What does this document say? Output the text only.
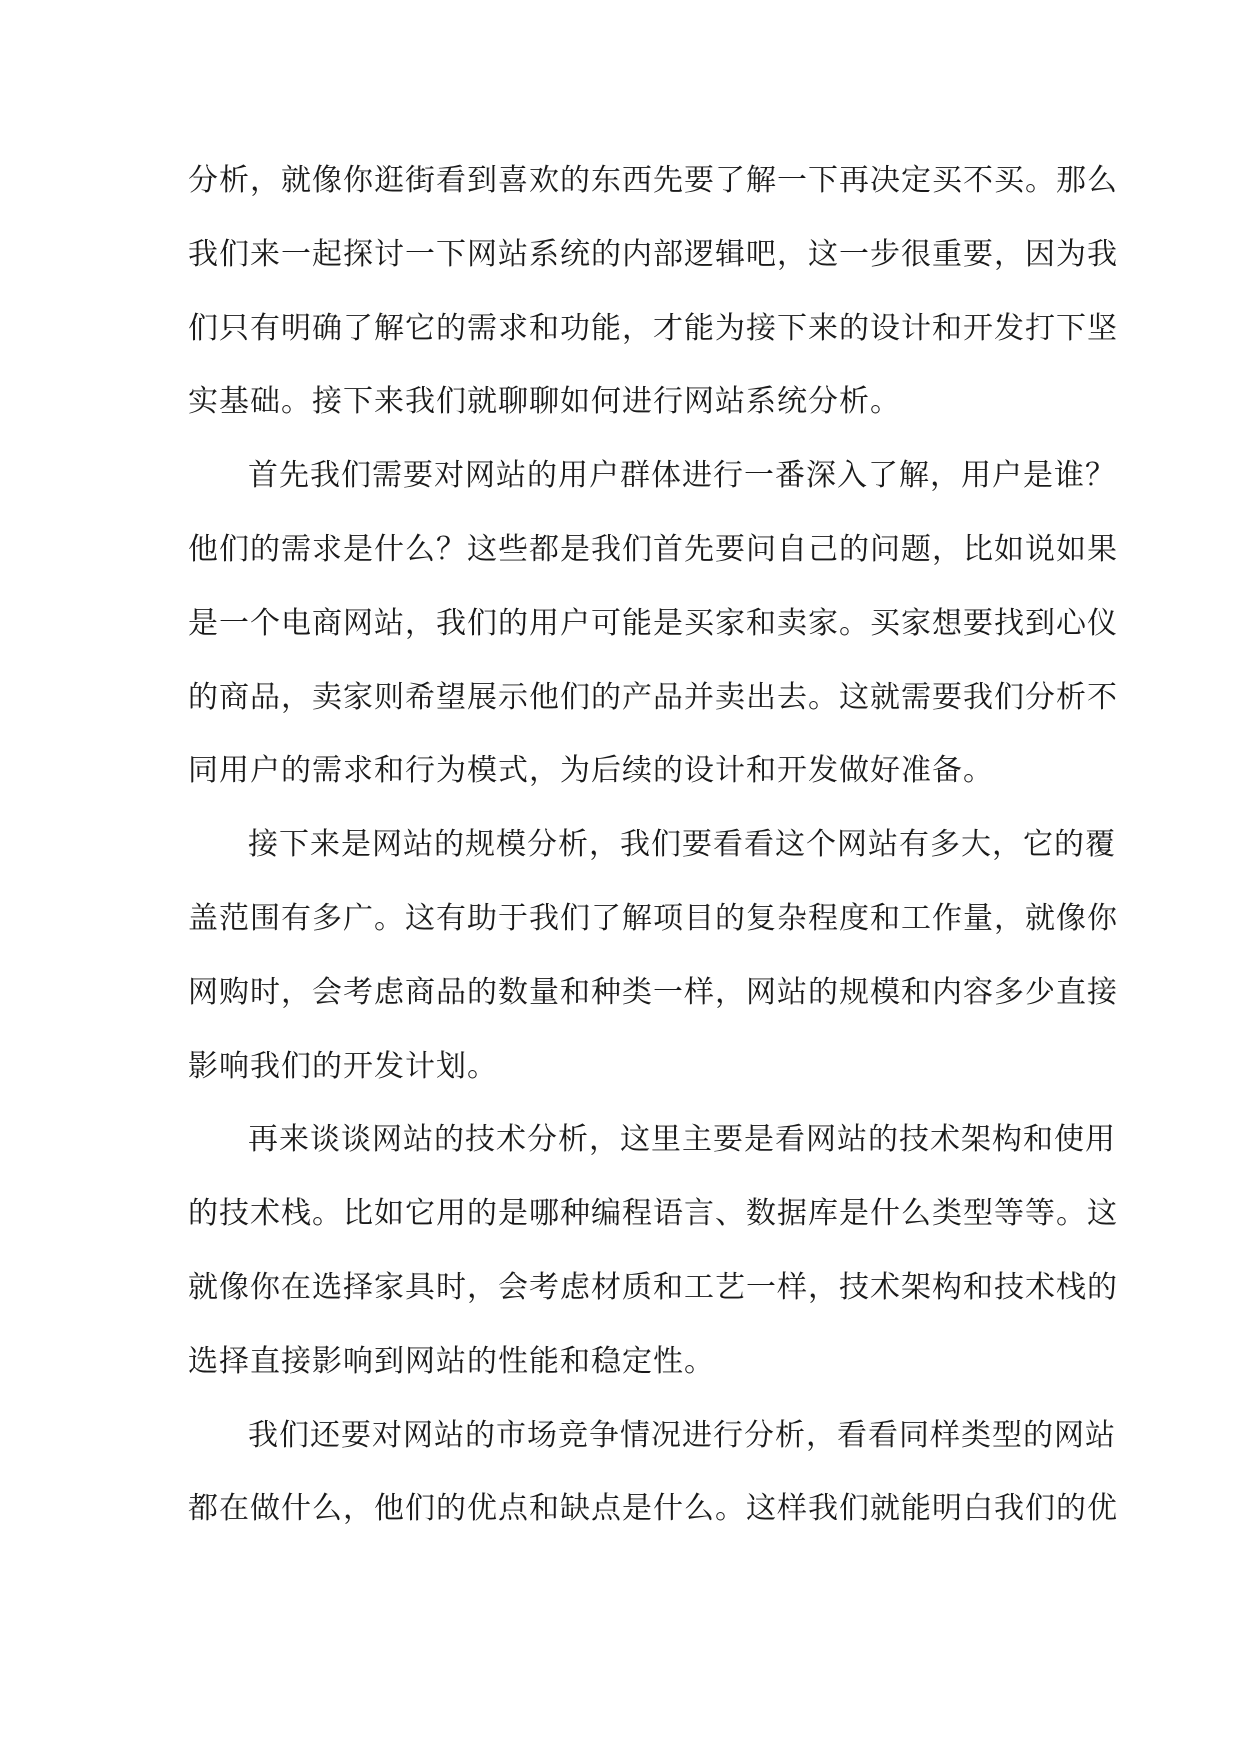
分析，就像你逛街看到喜欢的东西先要了解一下再决定买不买。那么
我们来一起探讨一下网站系统的内部逻辑吧，这一步很重要，因为我
们只有明确了解它的需求和功能，才能为接下来的设计和开发打下坚
实基础。接下来我们就聊聊如何进行网站系统分析。
首先我们需要对网站的用户群体进行一番深入了解，用户是谁？
他们的需求是什么？这些都是我们首先要问自己的问题，比如说如果
是一个电商网站，我们的用户可能是买家和卖家。买家想要找到心仪
的商品，卖家则希望展示他们的产品并卖出去。这就需要我们分析不
同用户的需求和行为模式，为后续的设计和开发做好准备。
接下来是网站的规模分析，我们要看看这个网站有多大，它的覆
盖范围有多广。这有助于我们了解项目的复杂程度和工作量，就像你
网购时，会考虑商品的数量和种类一样，网站的规模和内容多少直接
影响我们的开发计划。
再来谈谈网站的技术分析，这里主要是看网站的技术架构和使用
的技术栈。比如它用的是哪种编程语言、数据库是什么类型等等。这
就像你在选择家具时，会考虑材质和工艺一样，技术架构和技术栈的
选择直接影响到网站的性能和稳定性。
我们还要对网站的市场竞争情况进行分析，看看同样类型的网站
都在做什么，他们的优点和缺点是什么。这样我们就能明白我们的优
